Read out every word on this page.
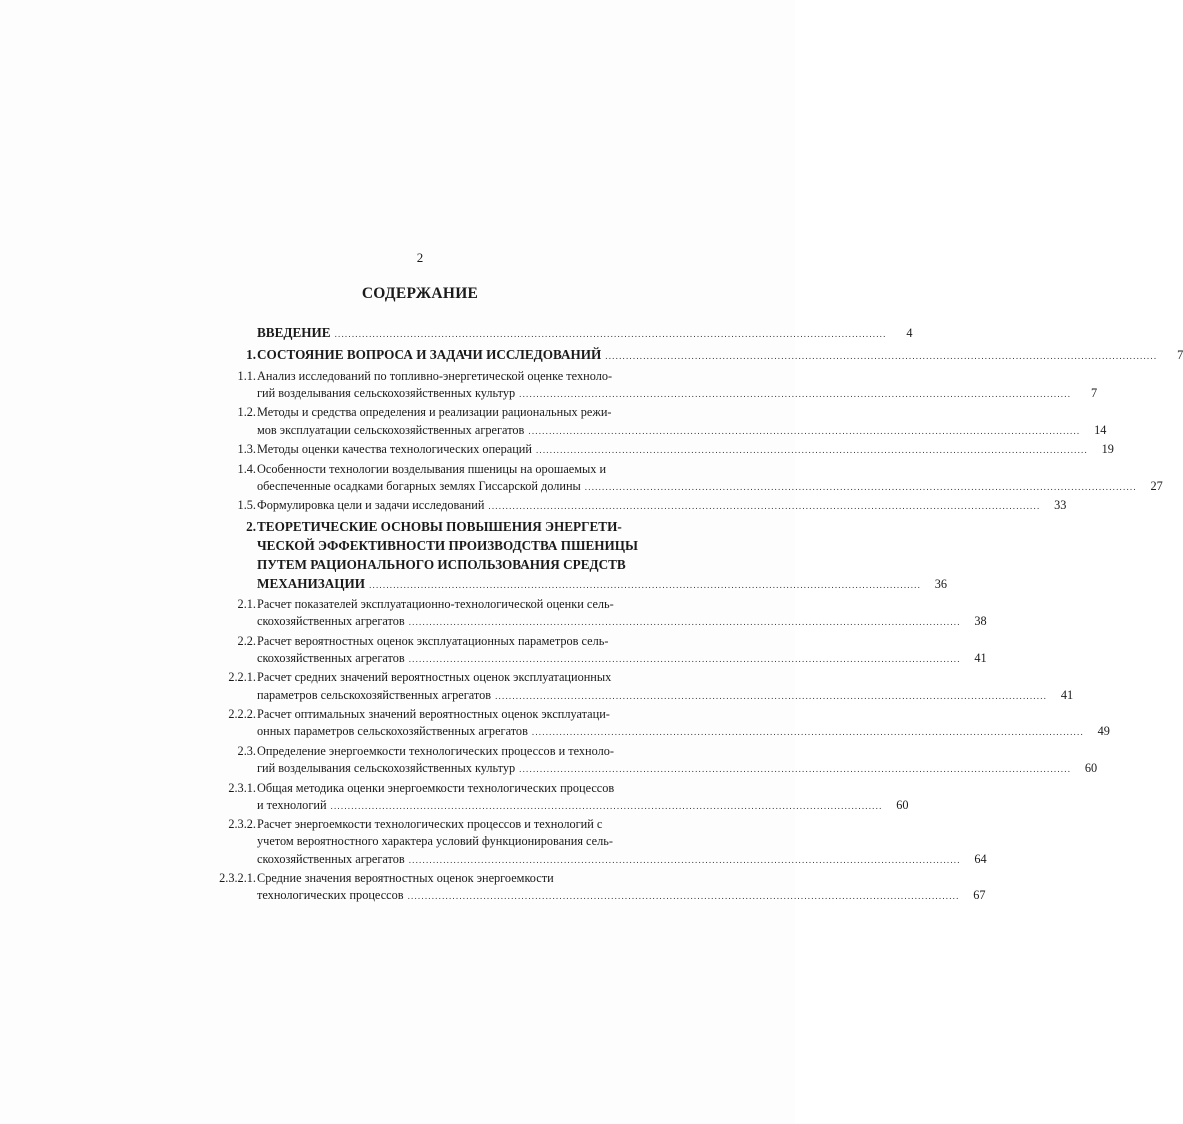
2
СОДЕРЖАНИЕ
ВВЕДЕНИЕ ................................................................................................................................................................	4
1. СОСТОЯНИЕ ВОПРОСА И ЗАДАЧИ ИССЛЕДОВАНИЙ ................................................................................................................................................................	7
1.1. Анализ исследований по топливно-энергетической оценке техноло-
гий возделывания сельскохозяйственных культур ................................................................................................................................................................	7
1.2. Методы и средства определения и реализации рациональных режи-
мов эксплуатации сельскохозяйственных агрегатов ................................................................................................................................................................	14
1.3. Методы оценки качества технологических операций ................................................................................................................................................................	19
1.4. Особенности технологии возделывания пшеницы на орошаемых и
обеспеченные осадками богарных землях Гиссарской долины ................................................................................................................................................................	27
1.5. Формулировка цели и задачи исследований ................................................................................................................................................................	33
2. ТЕОРЕТИЧЕСКИЕ ОСНОВЫ ПОВЫШЕНИЯ ЭНЕРГЕТИ-
ЧЕСКОЙ ЭФФЕКТИВНОСТИ ПРОИЗВОДСТВА ПШЕНИЦЫ
ПУТЕМ РАЦИОНАЛЬНОГО ИСПОЛЬЗОВАНИЯ СРЕДСТВ
МЕХАНИЗАЦИИ ................................................................................................................................................................	36
2.1. Расчет показателей эксплуатационно-технологической оценки сель-
скохозяйственных агрегатов ................................................................................................................................................................	38
2.2. Расчет вероятностных оценок эксплуатационных параметров сель-
скохозяйственных агрегатов ................................................................................................................................................................	41
2.2.1. Расчет средних значений вероятностных оценок эксплуатационных
параметров сельскохозяйственных агрегатов ................................................................................................................................................................	41
2.2.2. Расчет оптимальных значений вероятностных оценок эксплуатаци-
онных параметров сельскохозяйственных агрегатов ................................................................................................................................................................	49
2.3. Определение энергоемкости технологических процессов и техноло-
гий возделывания сельскохозяйственных культур ................................................................................................................................................................	60
2.3.1. Общая методика оценки энергоемкости технологических процессов
и технологий ................................................................................................................................................................	60
2.3.2. Расчет энергоемкости технологических процессов и технологий с
учетом вероятностного характера условий функционирования сель-
скохозяйственных агрегатов ................................................................................................................................................................	64
2.3.2.1. Средние значения вероятностных оценок энергоемкости
технологических процессов ................................................................................................................................................................	67
